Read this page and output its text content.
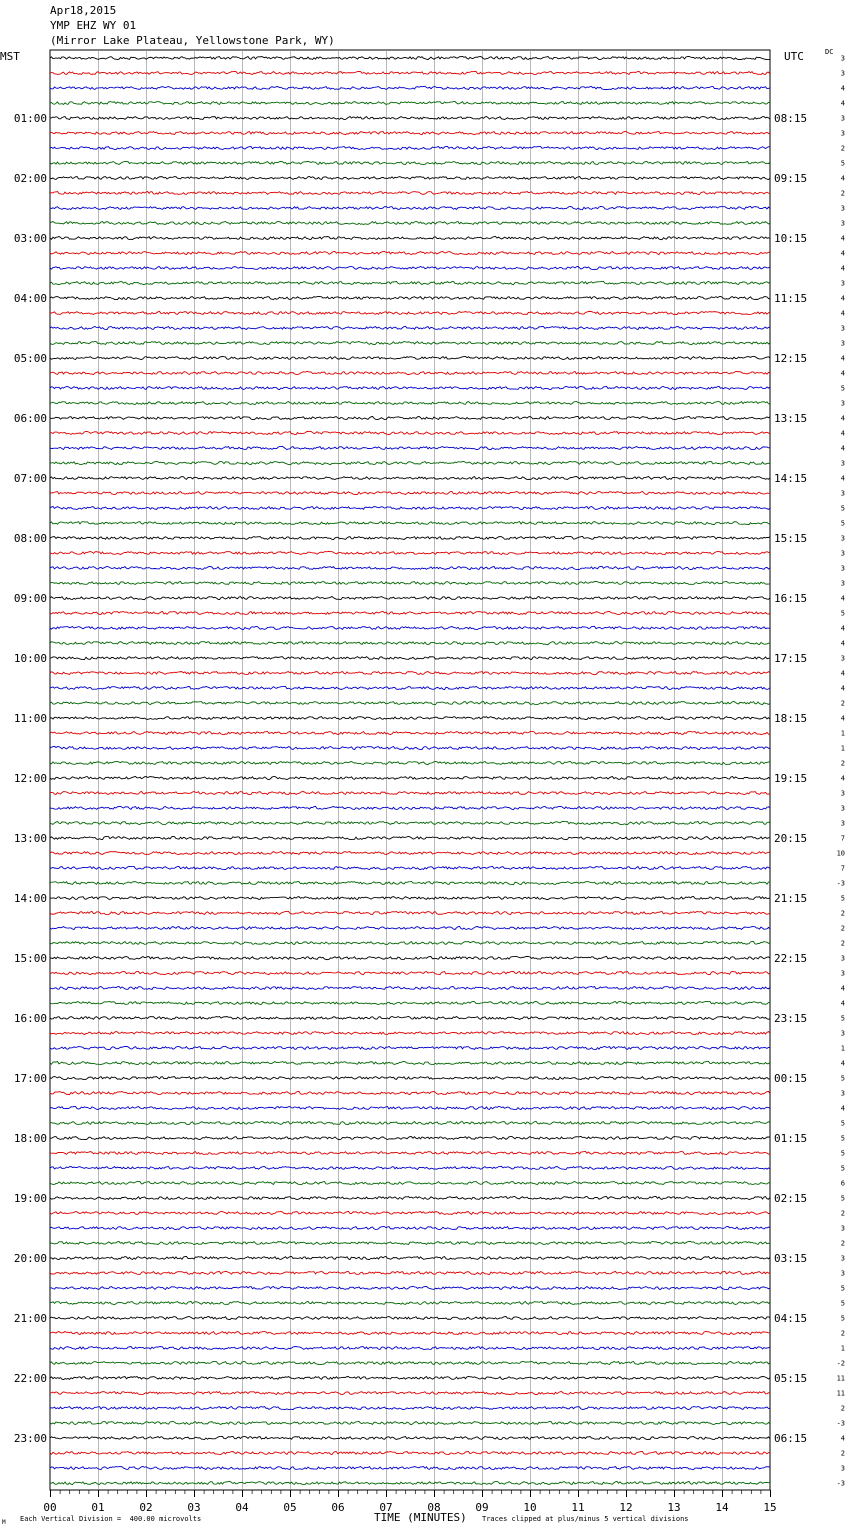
01:00
02:00
03:00
04:00
05:00
06:00
07:00
08:00
09:00
10:00
11:00
12:00
13:00
14:00
15:00
16:00
17:00
18:00
19:00
20:00
21:00
22:00
23:00
08:15
09:15
10:15
11:15
12:15
13:15
14:15
15:15
16:15
17:15
18:15
19:15
20:15
21:15
22:15
23:15
00:15
01:15
02:15
03:15
04:15
05:15
06:15
3
3
4
4
3
3
2
5
4
2
3
3
4
4
4
3
4
4
3
3
4
4
5
3
4
4
4
3
4
3
5
5
3
3
3
3
4
5
4
4
3
4
4
2
4
1
1
2
4
3
3
3
7
10
7
-3
5
2
2
2
3
3
4
4
5
3
1
4
5
3
4
5
5
5
5
6
5
2
3
2
3
3
5
5
5
2
1
-2
11
11
2
-3
4
2
3
-3
00	01	02	03	04	05	06	07	08	09	10	11	12	13	14	15
Apr18,2015
YMP EHZ WY 01
(Mirror Lake Plateau, Yellowstone Park, WY)
MST	UTC	DC
M Each Vertical Division =  400.00 microvolts	TIME (MINUTES) Traces clipped at plus/minus 5 vertical divisions
